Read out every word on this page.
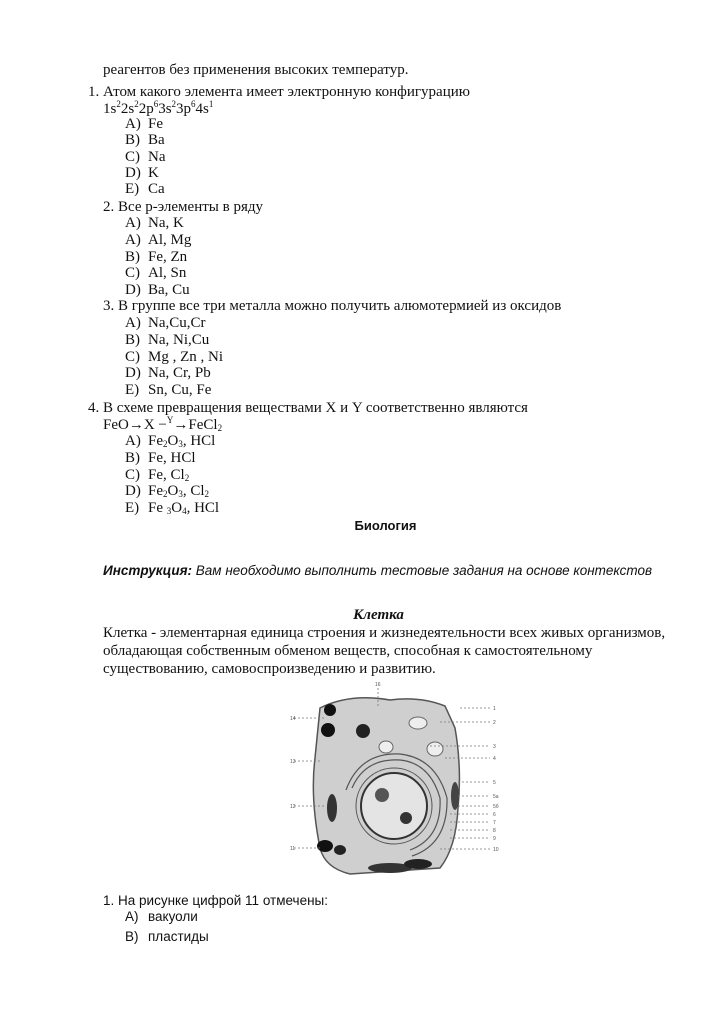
реагентов без применения высоких температур.
1. Атом какого элемента имеет электронную конфигурацию
$1s^22s^22p^63s^23p^64s^1$
A) Fe
B) Ba
C) Na
D) K
E) Ca
2. Все p-элементы в ряду
A) Na, K
A) Al, Mg
B) Fe, Zn
C) Al, Sn
D) Ba, Cu
3. В группе все три металла можно получить алюмотермией из оксидов
A) Na,Cu,Cr
B) Na, Ni,Cu
C) Mg , Zn , Ni
D) Na, Cr, Pb
E) Sn, Cu, Fe
4. В схеме превращения веществами X и Y соответственно являются
FeO→X −$^Y$→FeCl$_2$
A) $Fe_2O_3$, HCl
B) Fe, HCl
C) Fe, $Cl_2$
D) $Fe_2O_3$, $Cl_2$
E) Fe $_3O_4$, HCl
Биология
Инструкция: Вам необходимо выполнить тестовые задания на основе контекстов
Клетка
Клетка - элементарная единица строения и жизнедеятельности всех живых организмов,
обладающая собственным обменом веществ, способная к самостоятельному
существованию, самовоспроизведению и развитию.
16
1
2
3
4
5
5а
5б
6
7
8
9
10
11
12
13
14
1. На рисунке цифрой 11 отмечены:
A) вакуоли
B) пластиды
